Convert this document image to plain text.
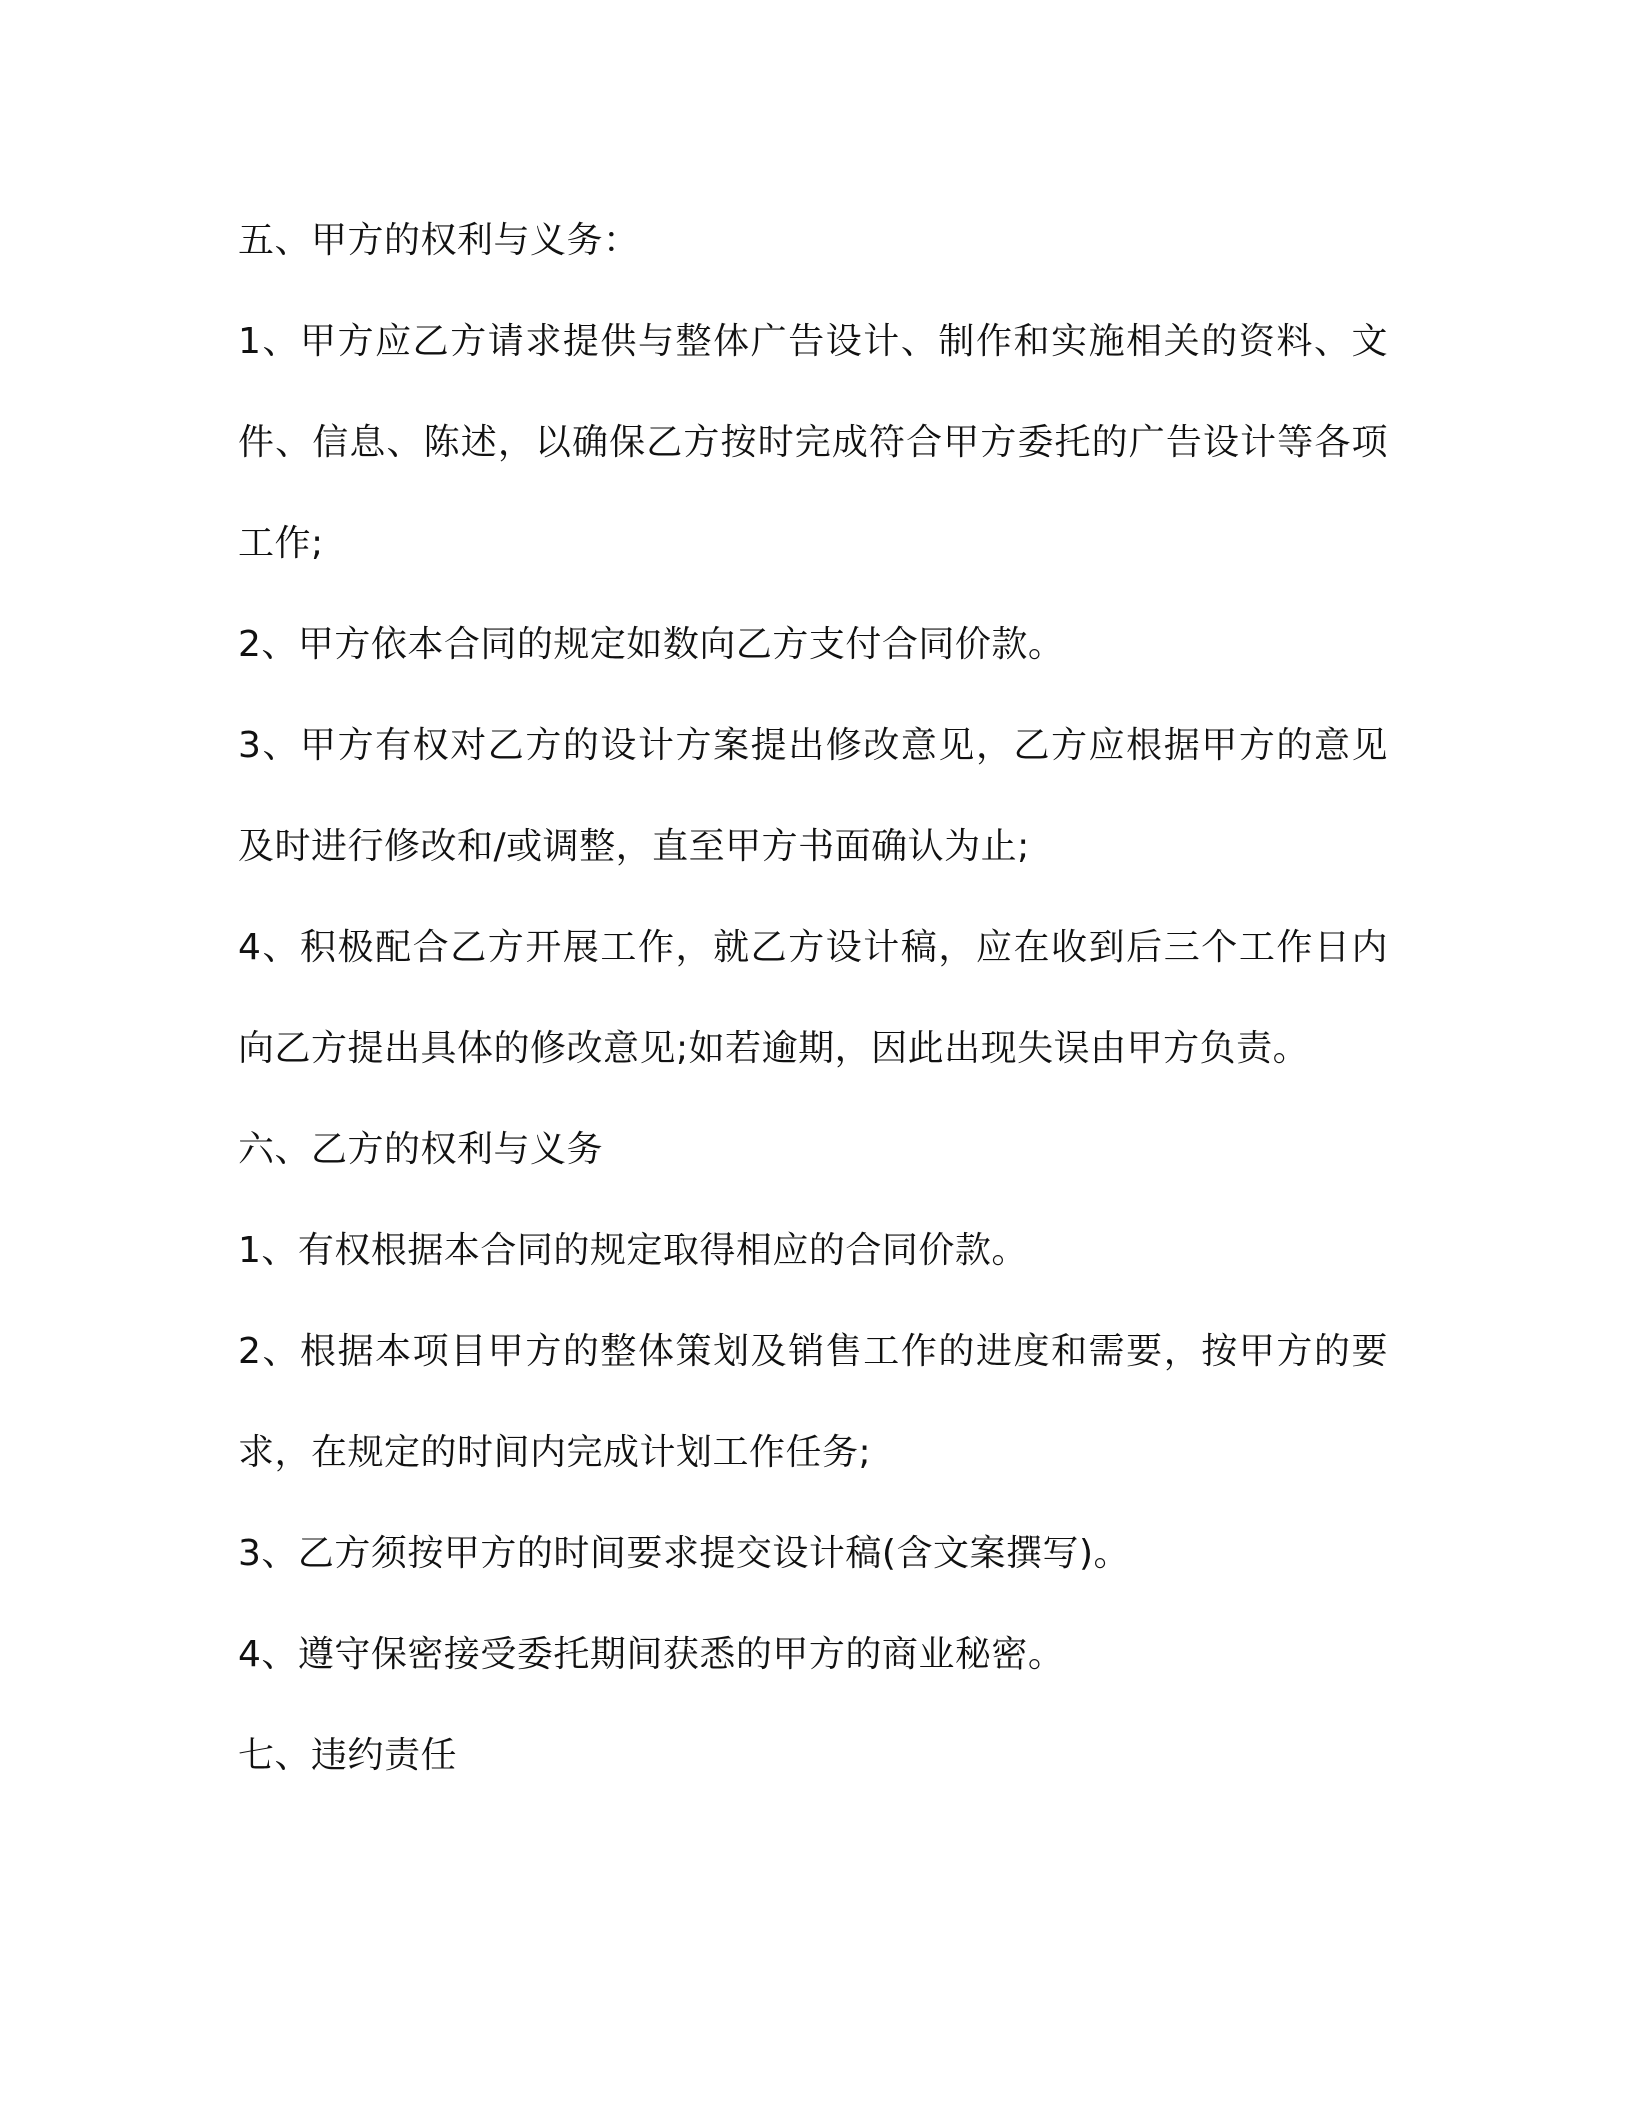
五、甲方的权利与义务：

1、甲方应乙方请求提供与整体广告设计、制作和实施相关的资料、文件、信息、陈述，以确保乙方按时完成符合甲方委托的广告设计等各项工作;

2、甲方依本合同的规定如数向乙方支付合同价款。

3、甲方有权对乙方的设计方案提出修改意见，乙方应根据甲方的意见及时进行修改和/或调整，直至甲方书面确认为止;

4、积极配合乙方开展工作，就乙方设计稿，应在收到后三个工作日内向乙方提出具体的修改意见;如若逾期，因此出现失误由甲方负责。

六、乙方的权利与义务

1、有权根据本合同的规定取得相应的合同价款。

2、根据本项目甲方的整体策划及销售工作的进度和需要，按甲方的要求，在规定的时间内完成计划工作任务;

3、乙方须按甲方的时间要求提交设计稿(含文案撰写)。

4、遵守保密接受委托期间获悉的甲方的商业秘密。

七、违约责任
